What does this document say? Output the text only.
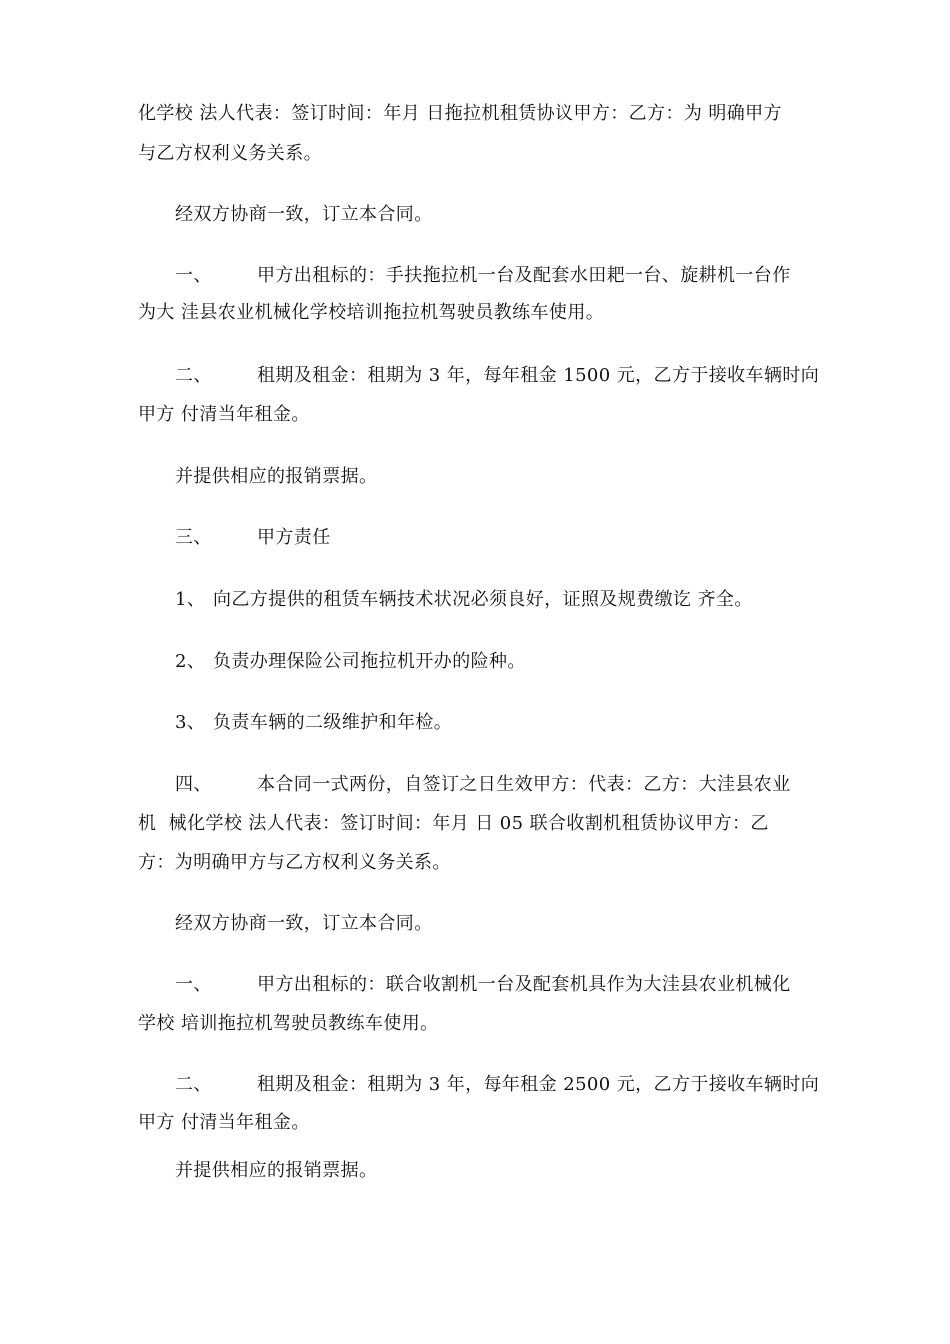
化学校 法人代表：签订时间：年月 日拖拉机租赁协议甲方：乙方：为 明确甲方
与乙方权利义务关系。
经双方协商一致，订立本合同。
一、	甲方出租标的：手扶拖拉机一台及配套水田耙一台、旋耕机一台作
为大 洼县农业机械化学校培训拖拉机驾驶员教练车使用。
二、	租期及租金：租期为 3 年，每年租金 1500 元，乙方于接收车辆时向
甲方 付清当年租金。
并提供相应的报销票据。
三、	甲方责任
1、 向乙方提供的租赁车辆技术状况必须良好，证照及规费缴讫 齐全。
2、 负责办理保险公司拖拉机开办的险种。
3、 负责车辆的二级维护和年检。
四、	本合同一式两份，自签订之日生效甲方：代表：乙方：大洼县农业
机  械化学校 法人代表：签订时间：年月 日 05 联合收割机租赁协议甲方：乙
方：为明确甲方与乙方权利义务关系。
经双方协商一致，订立本合同。
一、	甲方出租标的：联合收割机一台及配套机具作为大洼县农业机械化
学校 培训拖拉机驾驶员教练车使用。
二、	租期及租金：租期为 3 年，每年租金 2500 元，乙方于接收车辆时向
甲方 付清当年租金。
并提供相应的报销票据。
